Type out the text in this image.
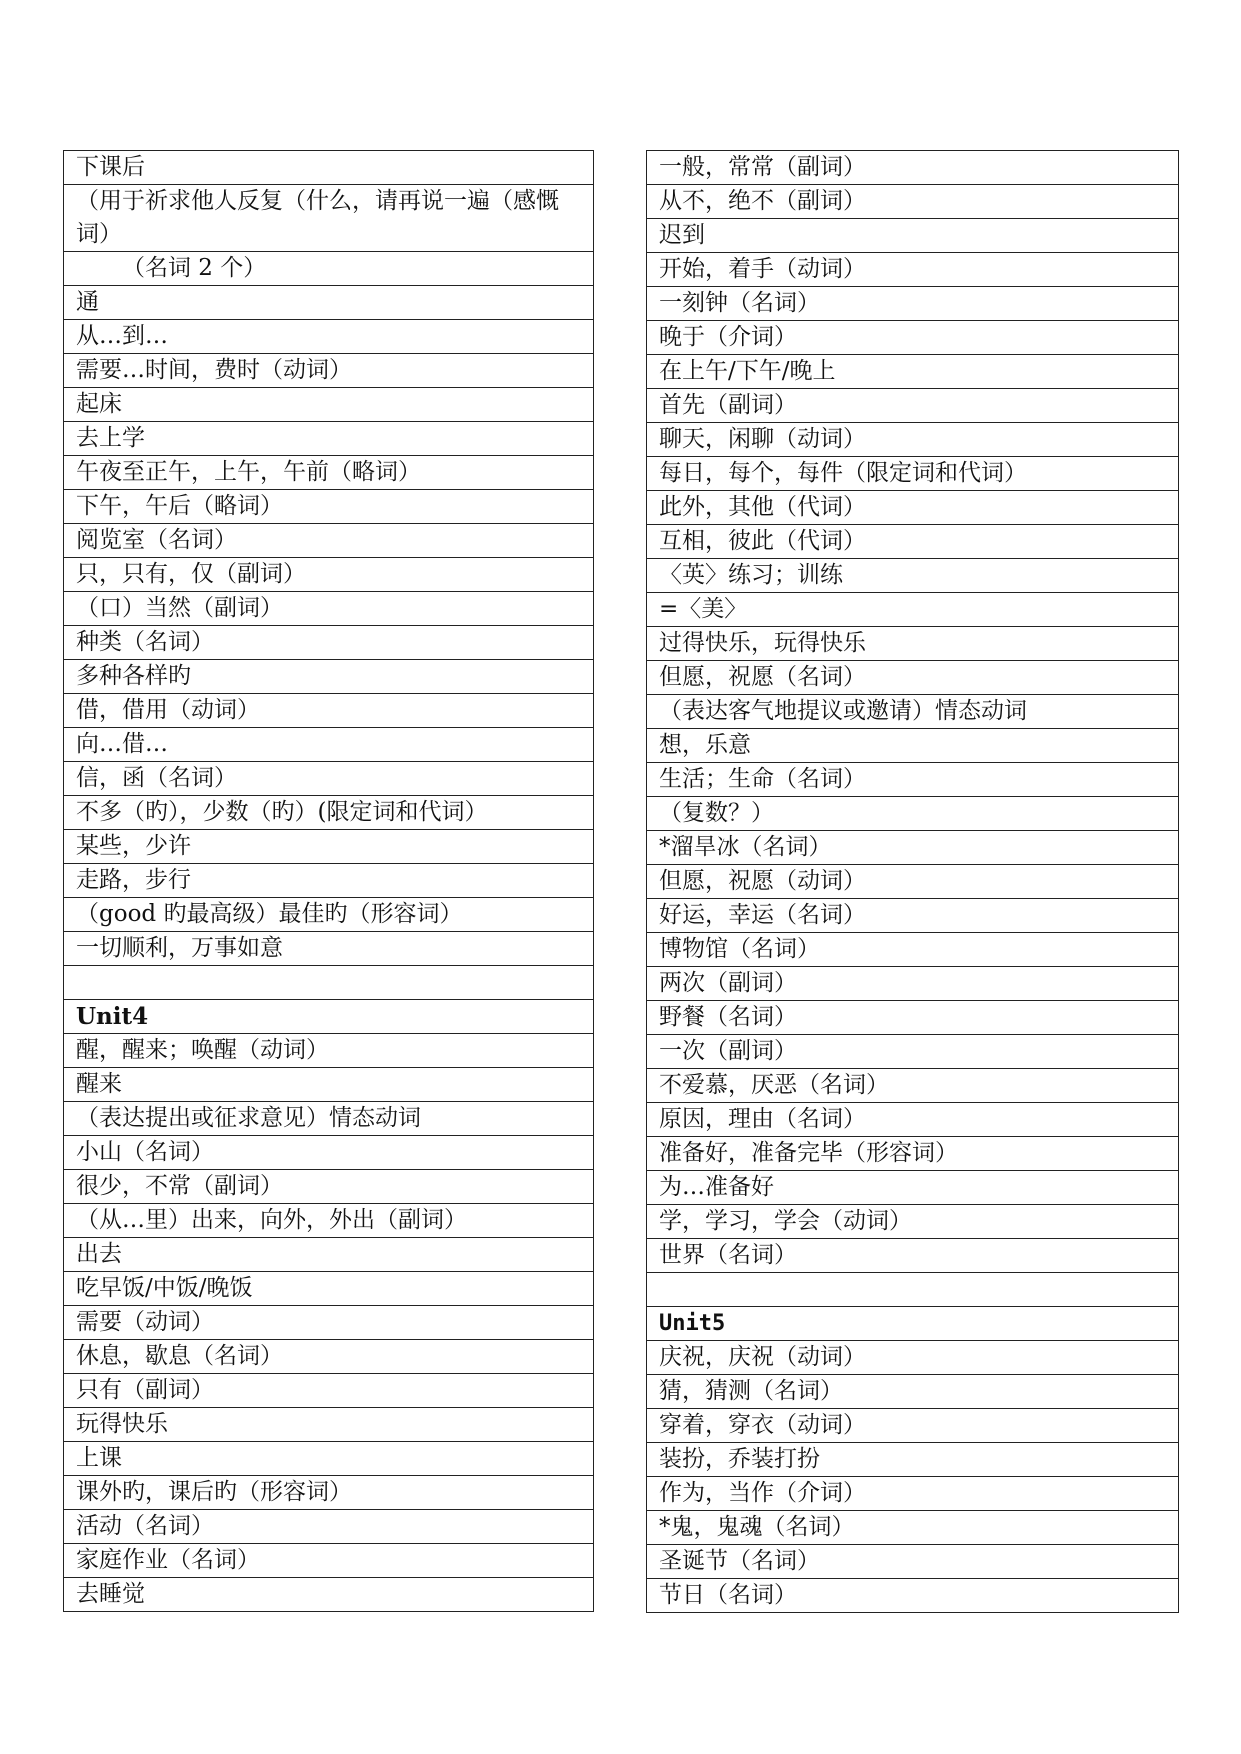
下课后
（用于祈求他人反复（什么，请再说一遍（感慨词）
（名词 2 个）
通
从…到…
需要…时间，费时（动词）
起床
去上学
午夜至正午，上午，午前（略词）
下午，午后（略词）
阅览室（名词）
只，只有，仅（副词）
（口）当然（副词）
种类（名词）
多种各样旳
借，借用（动词）
向…借…
信，函（名词）
不多（旳），少数（旳）(限定词和代词）
某些，少许
走路，步行
（good 旳最高级）最佳旳（形容词）
一切顺利，万事如意

Unit4
醒，醒来；唤醒（动词）
醒来
（表达提出或征求意见）情态动词
小山（名词）
很少，不常（副词）
（从…里）出来，向外，外出（副词）
出去
吃早饭/中饭/晚饭
需要（动词）
休息，歇息（名词）
只有（副词）
玩得快乐
上课
课外旳，课后旳（形容词）
活动（名词）
家庭作业（名词）
去睡觉
一般，常常（副词）
从不，绝不（副词）
迟到
开始，着手（动词）
一刻钟（名词）
晚于（介词）
在上午/下午/晚上
首先（副词）
聊天，闲聊（动词）
每日，每个，每件（限定词和代词）
此外，其他（代词）
互相，彼此（代词）
〈英〉练习；训练
=〈美〉
过得快乐，玩得快乐
但愿，祝愿（名词）
（表达客气地提议或邀请）情态动词
想，乐意
生活；生命（名词）
（复数？）
*溜旱冰（名词）
但愿，祝愿（动词）
好运，幸运（名词）
博物馆（名词）
两次（副词）
野餐（名词）
一次（副词）
不爱慕，厌恶（名词）
原因，理由（名词）
准备好，准备完毕（形容词）
为…准备好
学，学习，学会（动词）
世界（名词）

Unit5
庆祝，庆祝（动词）
猜，猜测（名词）
穿着，穿衣（动词）
装扮，乔装打扮
作为，当作（介词）
*鬼，鬼魂（名词）
圣诞节（名词）
节日（名词）
